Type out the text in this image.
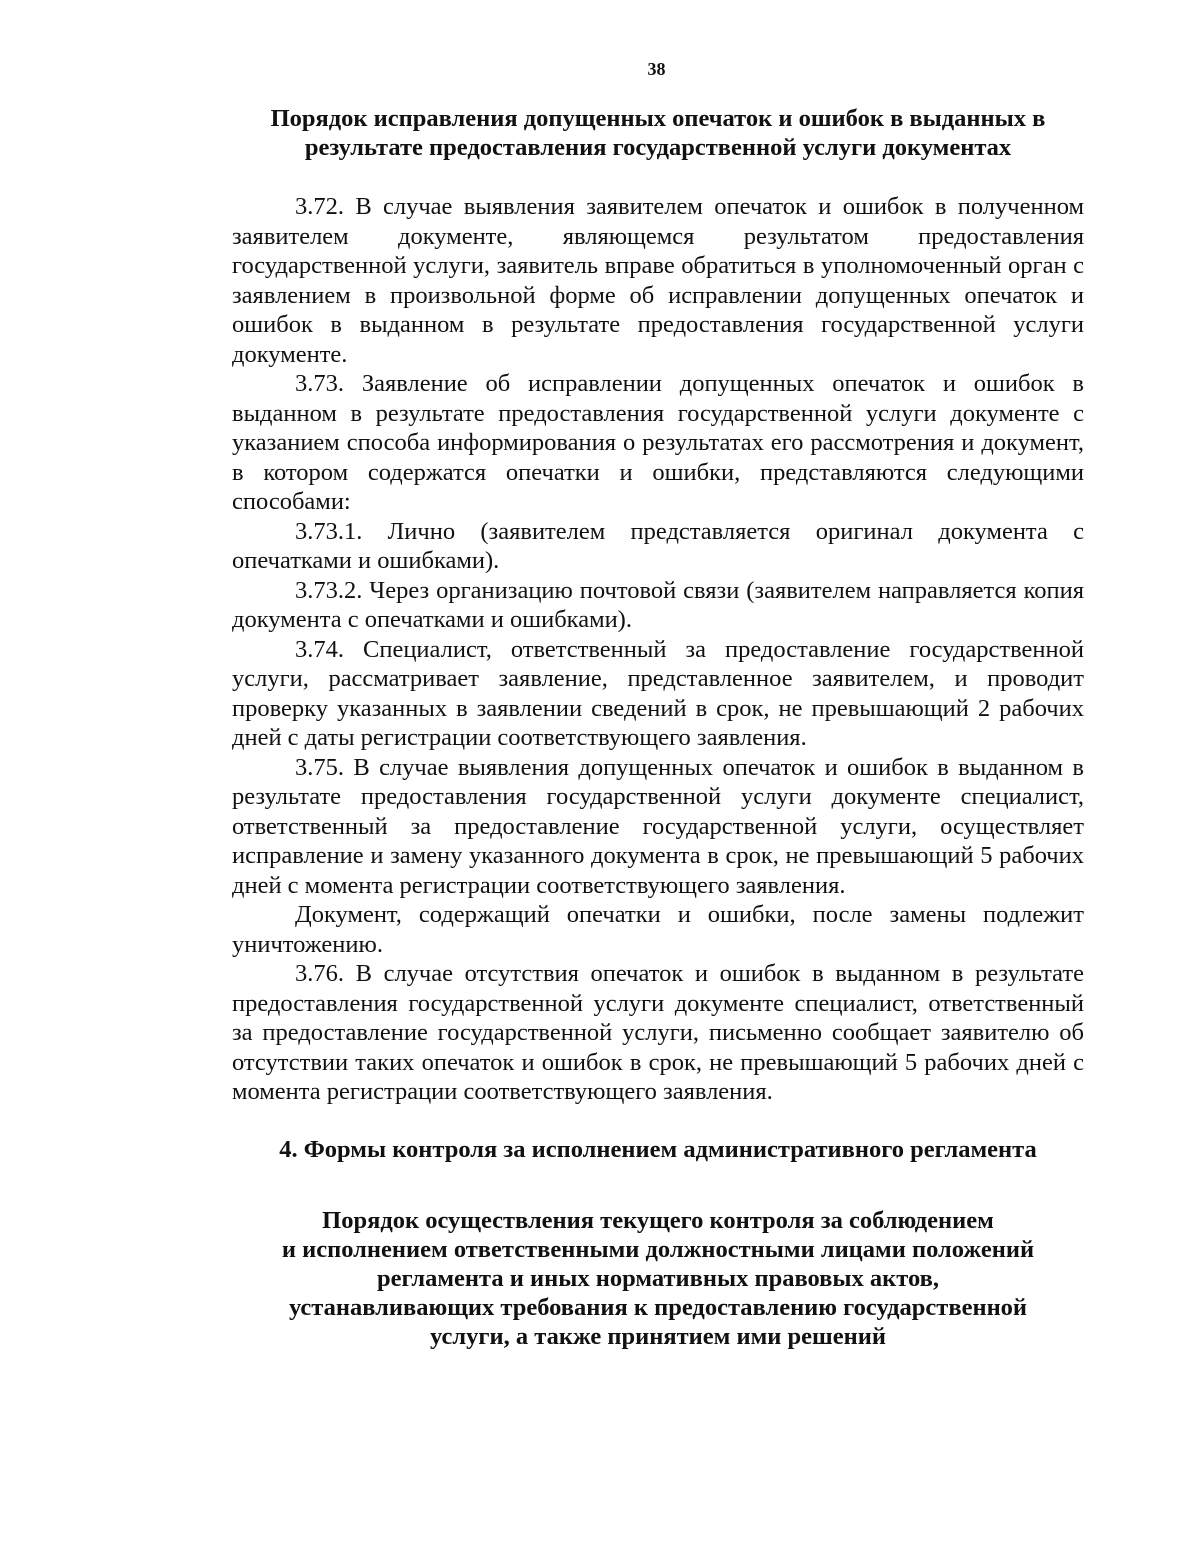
38
Порядок исправления допущенных опечаток и ошибок в выданных в
результате предоставления государственной услуги документах

3.72. В случае выявления заявителем опечаток и ошибок в полученном заявителем документе, являющемся результатом предоставления государственной услуги, заявитель вправе обратиться в уполномоченный орган с заявлением в произвольной форме об исправлении допущенных опечаток и ошибок в выданном в результате предоставления государственной услуги документе.

3.73. Заявление об исправлении допущенных опечаток и ошибок в выданном в результате предоставления государственной услуги документе с указанием способа информирования о результатах его рассмотрения и документ, в котором содержатся опечатки и ошибки, представляются следующими способами:

3.73.1. Лично (заявителем представляется оригинал документа с опечатками и ошибками).

3.73.2. Через организацию почтовой связи (заявителем направляется копия документа с опечатками и ошибками).

3.74. Специалист, ответственный за предоставление государственной услуги, рассматривает заявление, представленное заявителем, и проводит проверку указанных в заявлении сведений в срок, не превышающий 2 рабочих дней с даты регистрации соответствующего заявления.

3.75. В случае выявления допущенных опечаток и ошибок в выданном в результате предоставления государственной услуги документе специалист, ответственный за предоставление государственной услуги, осуществляет исправление и замену указанного документа в срок, не превышающий 5 рабочих дней с момента регистрации соответствующего заявления.

Документ, содержащий опечатки и ошибки, после замены подлежит уничтожению.

3.76. В случае отсутствия опечаток и ошибок в выданном в результате предоставления государственной услуги документе специалист, ответственный за предоставление государственной услуги, письменно сообщает заявителю об отсутствии таких опечаток и ошибок в срок, не превышающий 5 рабочих дней с момента регистрации соответствующего заявления.

4. Формы контроля за исполнением административного регламента
Порядок осуществления текущего контроля за соблюдением
и исполнением ответственными должностными лицами положений
регламента и иных нормативных правовых актов,
устанавливающих требования к предоставлению государственной
услуги, а также принятием ими решений
